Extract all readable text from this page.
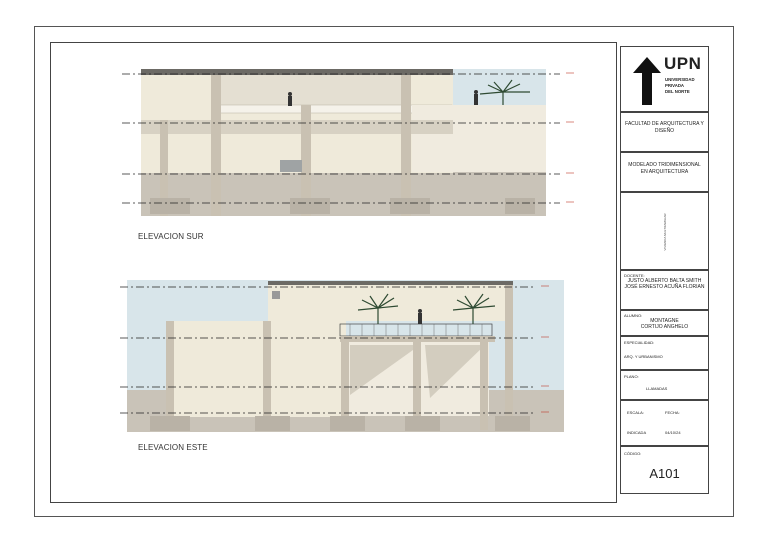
ELEVACION SUR
ELEVACION ESTE
UPN
UNIVERSIDAD
PRIVADA
DEL NORTE
FACULTAD DE ARQUITECTURA Y DISEÑO
MODELADO TRIDIMENSIONAL EN ARQUITECTURA
VIVIENDA MULTIFAMILIAR
DOCENTE:
JUSTO ALBERTO BALTA SMITH
JOSÉ ERNESTO ACUÑA FLORIAN
ALUMNO:
MONTAGNE
CORTIJO ANGHELO
ESPECIALIDAD:
ARQ. Y URBANISMO
PLANO:
LLAMADAS
ESCALA:	FECHA:
INDICADA	04/10/24
CÓDIGO:
A101
